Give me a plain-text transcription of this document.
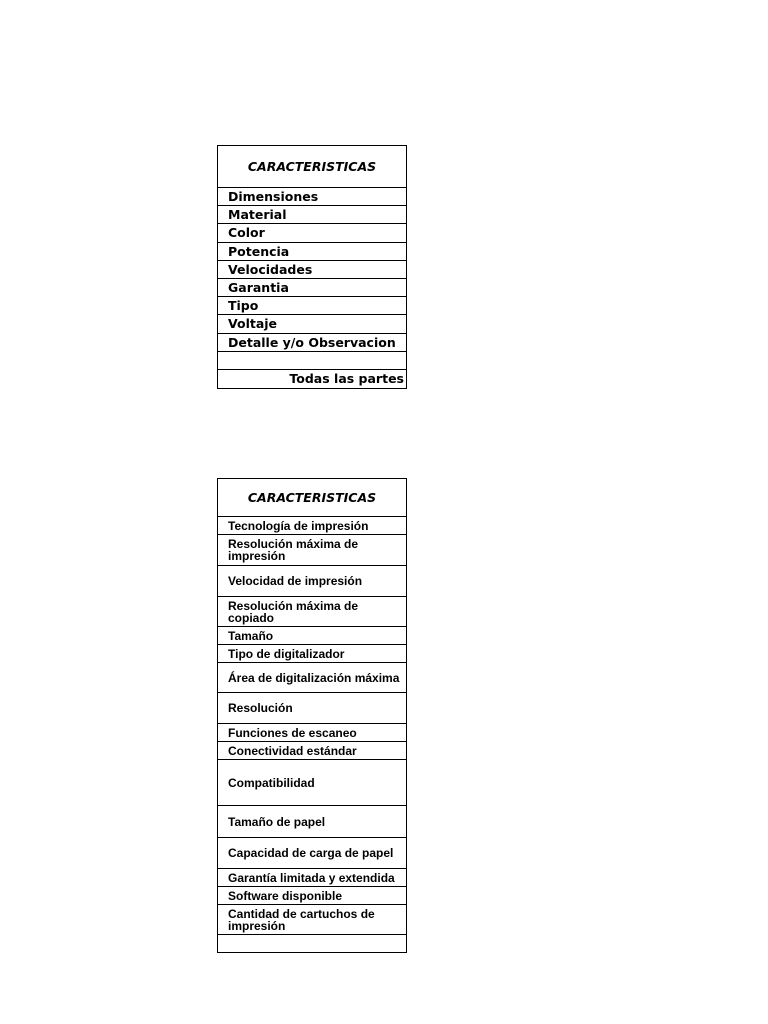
CARACTERISTICAS
Dimensiones
Material
Color
Potencia
Velocidades
Garantia
Tipo
Voltaje
Detalle y/o Observacion
Todas las partes
CARACTERISTICAS
Tecnología de impresión
Resolución máxima de impresión
Velocidad de impresión
Resolución máxima de copiado
Tamaño
Tipo de digitalizador
Área de digitalización máxima
Resolución
Funciones de escaneo
Conectividad estándar
Compatibilidad
Tamaño de papel
Capacidad de carga de papel
Garantía limitada y extendida
Software disponible
Cantidad de cartuchos de impresión
